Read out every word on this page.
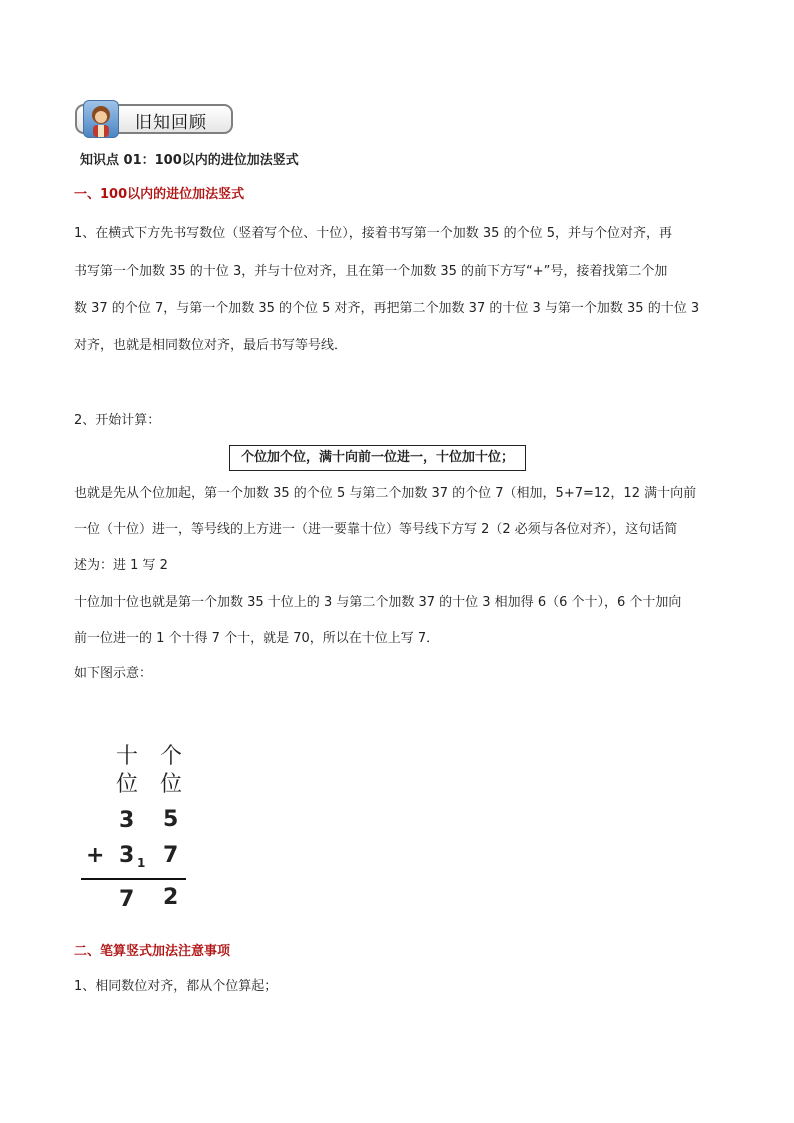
旧知回顾
知识点 01：100以内的进位加法竖式
一、100以内的进位加法竖式
1、在横式下方先书写数位（竖着写个位、十位），接着书写第一个加数 35 的个位 5，并与个位对齐，再
书写第一个加数 35 的十位 3，并与十位对齐，且在第一个加数 35 的前下方写“+”号，接着找第二个加
数 37 的个位 7，与第一个加数 35 的个位 5 对齐，再把第二个加数 37 的十位 3 与第一个加数 35 的十位 3
对齐，也就是相同数位对齐，最后书写等号线．
2、开始计算：
个位加个位，满十向前一位进一，十位加十位；
也就是先从个位加起，第一个加数 35 的个位 5 与第二个加数 37 的个位 7（相加，5+7=12，12 满十向前
一位（十位）进一，等号线的上方进一（进一要靠十位）等号线下方写 2（2 必须与各位对齐），这句话简
述为：进 1 写 2
十位加十位也就是第一个加数 35 十位上的 3 与第二个加数 37 的十位 3 相加得 6（6 个十），6 个十加向
前一位进一的 1 个十得 7 个十，就是 70，所以在十位上写 7．
如下图示意：
十 个
位 位
3 5
+ 3 1 7
7 2
二、笔算竖式加法注意事项
1、相同数位对齐，都从个位算起；
